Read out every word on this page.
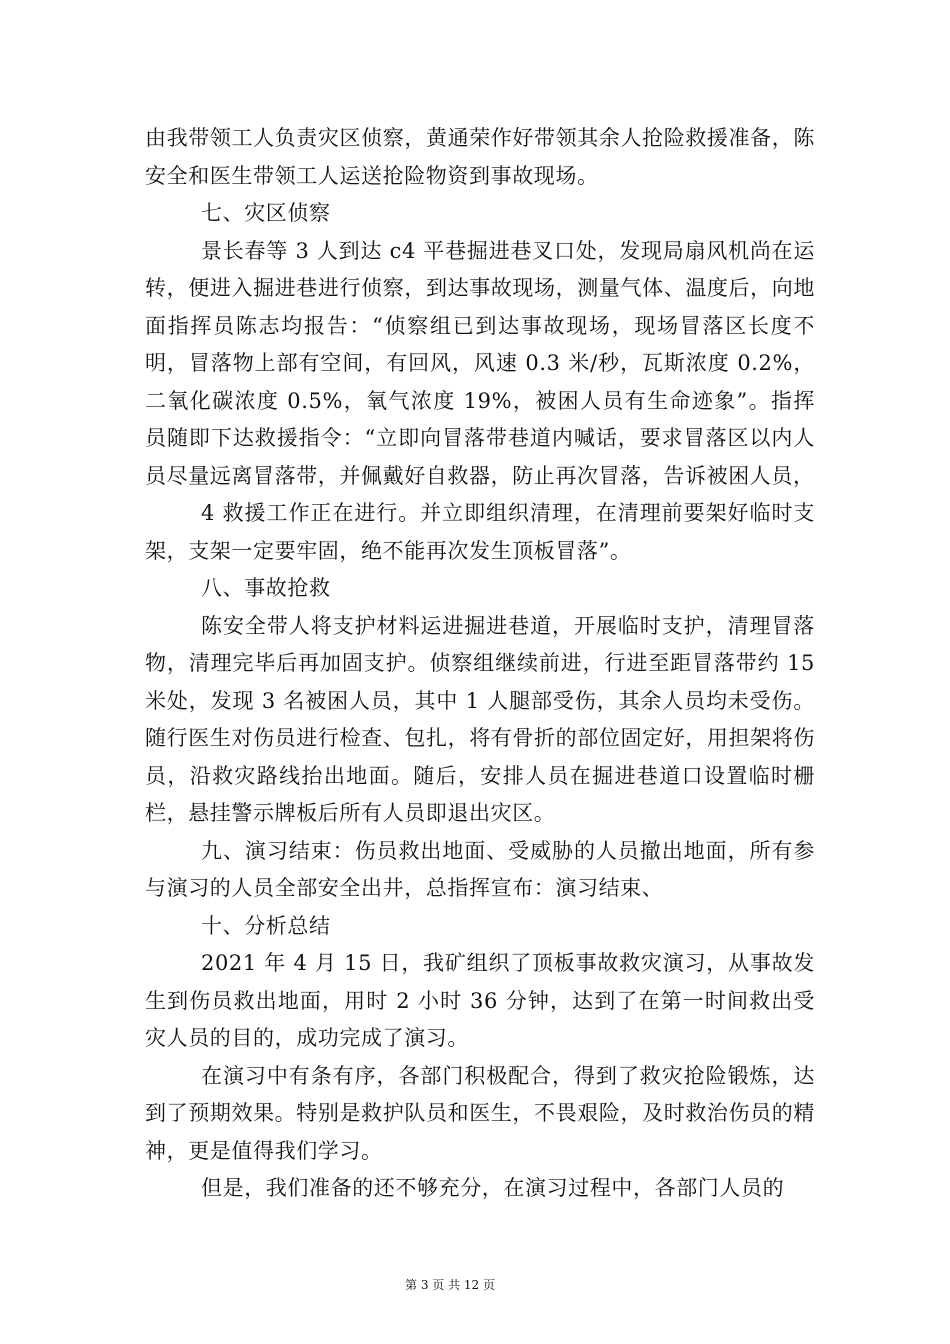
由我带领工人负责灾区侦察，黄通荣作好带领其余人抢险救援准备，陈安全和医生带领工人运送抢险物资到事故现场。

七、灾区侦察

景长春等 3 人到达 c4 平巷掘进巷叉口处，发现局扇风机尚在运转，便进入掘进巷进行侦察，到达事故现场，测量气体、温度后，向地面指挥员陈志均报告：“侦察组已到达事故现场，现场冒落区长度不明，冒落物上部有空间，有回风，风速 0.3 米/秒，瓦斯浓度 0.2%，二氧化碳浓度 0.5%，氧气浓度 19%，被困人员有生命迹象”。指挥员随即下达救援指令：“立即向冒落带巷道内喊话，要求冒落区以内人员尽量远离冒落带，并佩戴好自救器，防止再次冒落，告诉被困人员，

4 救援工作正在进行。并立即组织清理，在清理前要架好临时支架，支架一定要牢固，绝不能再次发生顶板冒落”。

八、事故抢救

陈安全带人将支护材料运进掘进巷道，开展临时支护，清理冒落物，清理完毕后再加固支护。侦察组继续前进，行进至距冒落带约 15 米处，发现 3 名被困人员，其中 1 人腿部受伤，其余人员均未受伤。随行医生对伤员进行检查、包扎，将有骨折的部位固定好，用担架将伤员，沿救灾路线抬出地面。随后，安排人员在掘进巷道口设置临时栅栏，悬挂警示牌板后所有人员即退出灾区。

九、演习结束：伤员救出地面、受威胁的人员撤出地面，所有参与演习的人员全部安全出井，总指挥宣布：演习结束、

十、分析总结

2021 年 4 月 15 日，我矿组织了顶板事故救灾演习，从事故发生到伤员救出地面，用时 2 小时 36 分钟，达到了在第一时间救出受灾人员的目的，成功完成了演习。

在演习中有条有序，各部门积极配合，得到了救灾抢险锻炼，达到了预期效果。特别是救护队员和医生，不畏艰险，及时救治伤员的精神，更是值得我们学习。

但是，我们准备的还不够充分，在演习过程中，各部门人员的

第 3 页 共 12 页
